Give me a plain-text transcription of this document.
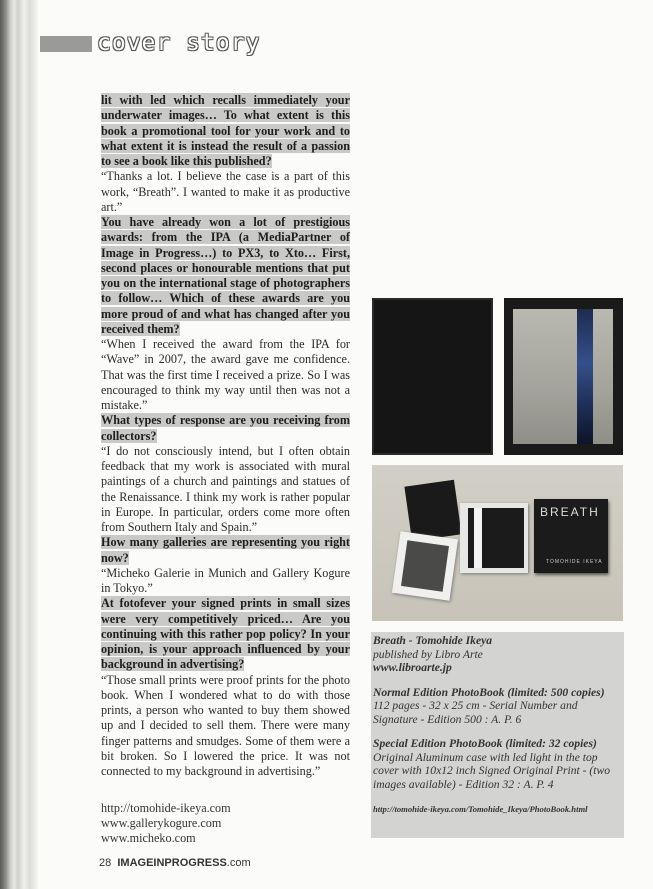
cover story

lit with led which recalls immediately your underwater images… To what extent is this book a promotional tool for your work and to what extent it is instead the result of a passion to see a book like this published?

“Thanks a lot. I believe the case is a part of this work, “Breath”. I wanted to make it as productive art.”

You have already won a lot of prestigious awards: from the IPA (a MediaPartner of Image in Progress…) to PX3, to Xto… First, second places or honourable mentions that put you on the international stage of photographers to follow… Which of these awards are you more proud of and what has changed after you received them?

“When I received the award from the IPA for “Wave” in 2007, the award gave me confidence. That was the first time I received a prize. So I was encouraged to think my way until then was not a mistake.”

What types of response are you receiving from collectors?

“I do not consciously intend, but I often obtain feedback that my work is associated with mural paintings of a church and paintings and statues of the Renaissance. I think my work is rather popular in Europe. In particular, orders come more often from Southern Italy and Spain.”

How many galleries are representing you right now?

“Micheko Galerie in Munich and Gallery Kogure in Tokyo.”

At fotofever your signed prints in small sizes were very competitively priced… Are you continuing with this rather pop policy? In your opinion, is your approach influenced by your background in advertising?

“Those small prints were proof prints for the photo book. When I wondered what to do with those prints, a person who wanted to buy them showed up and I decided to sell them. There were many finger patterns and smudges. Some of them were a bit broken. So I lowered the price. It was not connected to my background in advertising.”

http://tomohide-ikeya.com
www.gallerykogure.com
www.micheko.com
28 IMAGEINPROGRESS.com
BREATH
TOMOHIDE IKEYA
Breath - Tomohide Ikeya
published by Libro Arte
www.libroarte.jp
Normal Edition PhotoBook (limited: 500 copies)
112 pages - 32 x 25 cm - Serial Number and Signature - Edition 500 : A. P. 6
Special Edition PhotoBook (limited: 32 copies)
Original Aluminum case with led light in the top cover with 10x12 inch Signed Original Print - (two images available) - Edition 32 : A. P. 4
http://tomohide-ikeya.com/Tomohide_Ikeya/PhotoBook.html
